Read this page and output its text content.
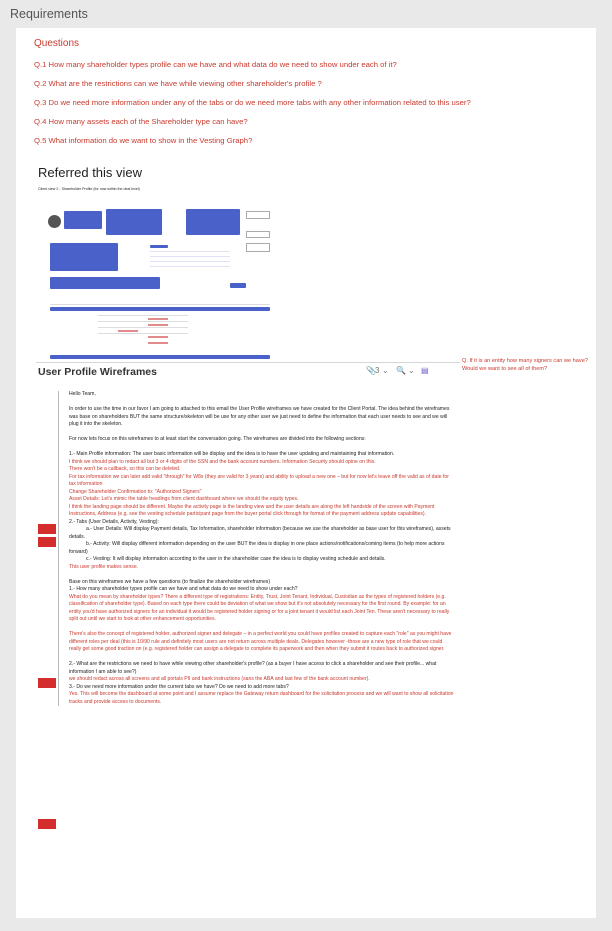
Requirements
Questions
Q.1 How many shareholder types profile can we have and what data do we need to show under each of it?
Q.2 What are the restrictions can we have while viewing other shareholder's profile ?
Q.3 Do we need more information under any of the tabs or do we need more tabs with any other information related to this user?
Q.4 How many assets each of the Shareholder type can have?
Q.5 What information do we want to show in the Vesting Graph?
Referred this view
Client view 2 - Shareholder Profile (for now within the deal level)
User Profile Wireframes	📎 3 ⌄ 🔍 ⌄ ▤
Hello Team,
In order to use the time in our favor I am going to attached to this email the User Profile wireframes we have created for the Client Portal. The idea behind the wireframes was base on shareholders BUT the same structure/skeleton will be use for any other user we just need to define the information that each user needs to see and we will plug it into the skeleton.
For now lets focus on this wireframes to at least start the conversation going. The wireframes are divided into the following sections:
1.- Main Profile information: The user basic information will be display and the idea is to have the user updating and maintaining that information.
I think we should plan to redact all but 3 or 4 digits of the SSN and the bank account numbers. Information Security should opine on this.
There won't be a callback, so this can be deleted.
For tax information we can later add valid "through" for W8s (they are valid for 3 years) and ability to upload a new one – but for now let's leave off the valid as of date for tax information
Change Shareholder Confirmation to: "Authorized Signers"
Asset Details: Let's mimic the table headings from client dashboard where we should the equity types.
I think the landing page should be different. Maybe the activity page is the landing view and the user details are along the left handside of the screen with Payment Instructions, Address (e.g. see the vesting schedule participant page from the buyer portal click through for format of the payment address update capabilities).
2.- Tabs (User Details, Activity, Vesting):
a.- User Details: Will display Payment details, Tax Information, shareholder information (because we use the shareholder as base user for this wireframes), assets details.
b.- Activity: Will display different information depending on the user BUT the idea is display in one place actions/notifications/coming items (to help more actions forward)
c.- Vesting: It will display information according to the user in the shareholder case the idea is to display vesting schedule and details.
This user profile makes sense.
Base on this wireframes we have a few questions (to finalize the shareholder wireframes)
1.- How many shareholder types profile can we have and what data do we need to show under each?
What do you mean by shareholder types? There a different type of registrations: Entity, Trust, Joint Tenant, Individual, Custodian as the types of registered holders (e.g. classification of shareholder type). Based on each type there could be deviation of what we show but it's not absolutely necessary for the first round. By example: for an entity you'd have authorized signers for an individual it would be registered holder signing or for a joint tenant it would list each Joint Ten. These aren't necessary to really split out until we start to look at other enhancement opportunities.
There's also the concept of registered holder, authorized signer and delegate – in a perfect world you could have profiles created to capture each "role" as you might have different roles per deal (this is 10/90 rule and definitely most users are not return across multiple deals. Delegates however -those are a new type of role that we could really get some good traction on (e.g. registered holder can assign a delegate to complete its paperwork and then when they submit it routes back to authorized signer.
2.- What are the restrictions we need to have while viewing other shareholder's profile? (as a buyer I have access to click a shareholder and see their profile... what information I am able to see?)
we should redact across all screens and all portals PII and bank instructions (sans the ABA and last few of the bank account number).
3.- Do we need more information under the current tabs we have? Do we need to add more tabs?
Yes. This will become the dashboard at some point and I assume replace the Gateway return dashboard for the solicitation process and we will want to show all solicitation tracks and provide access to documents.
Q. If it is an entity how many signers can we have? Would we want to see all of them?
